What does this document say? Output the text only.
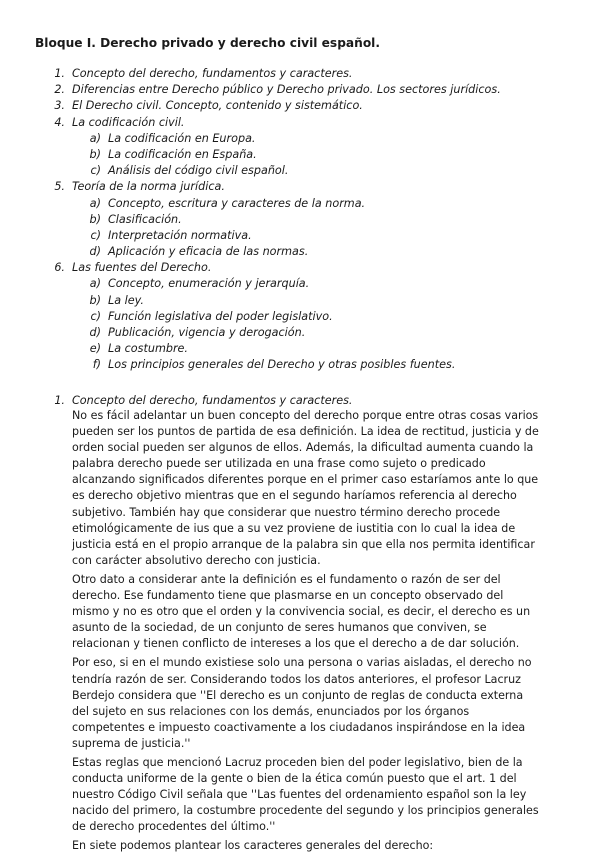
Bloque I. Derecho privado y derecho civil español.
1. Concepto del derecho, fundamentos y caracteres.
2. Diferencias entre Derecho público y Derecho privado. Los sectores jurídicos.
3. El Derecho civil. Concepto, contenido y sistemático.
4. La codificación civil.
a) La codificación en Europa.
b) La codificación en España.
c) Análisis del código civil español.
5. Teoría de la norma jurídica.
a) Concepto, escritura y caracteres de la norma.
b) Clasificación.
c) Interpretación normativa.
d) Aplicación y eficacia de las normas.
6. Las fuentes del Derecho.
a) Concepto, enumeración y jerarquía.
b) La ley.
c) Función legislativa del poder legislativo.
d) Publicación, vigencia y derogación.
e) La costumbre.
f) Los principios generales del Derecho y otras posibles fuentes.
1. Concepto del derecho, fundamentos y caracteres.

No es fácil adelantar un buen concepto del derecho porque entre otras cosas varios pueden ser los puntos de partida de esa definición. La idea de rectitud, justicia y de orden social pueden ser algunos de ellos. Además, la dificultad aumenta cuando la palabra derecho puede ser utilizada en una frase como sujeto o predicado alcanzando significados diferentes porque en el primer caso estaríamos ante lo que es derecho objetivo mientras que en el segundo haríamos referencia al derecho subjetivo. También hay que considerar que nuestro término derecho procede etimológicamente de ius que a su vez proviene de iustitia con lo cual la idea de justicia está en el propio arranque de la palabra sin que ella nos permita identificar con carácter absolutivo derecho con justicia.

Otro dato a considerar ante la definición es el fundamento o razón de ser del derecho. Ese fundamento tiene que plasmarse en un concepto observado del mismo y no es otro que el orden y la convivencia social, es decir, el derecho es un asunto de la sociedad, de un conjunto de seres humanos que conviven, se relacionan y tienen conflicto de intereses a los que el derecho a de dar solución.

Por eso, si en el mundo existiese solo una persona o varias aisladas, el derecho no tendría razón de ser. Considerando todos los datos anteriores, el profesor Lacruz Berdejo considera que ''El derecho es un conjunto de reglas de conducta externa del sujeto en sus relaciones con los demás, enunciados por los órganos competentes e impuesto coactivamente a los ciudadanos inspirándose en la idea suprema de justicia.''

Estas reglas que mencionó Lacruz proceden bien del poder legislativo, bien de la conducta uniforme de la gente o bien de la ética común puesto que el art. 1 del nuestro Código Civil señala que ''Las fuentes del ordenamiento español son la ley nacido del primero, la costumbre procedente del segundo y los principios generales de derecho procedentes del último.''

En siete podemos plantear los caracteres generales del derecho:
